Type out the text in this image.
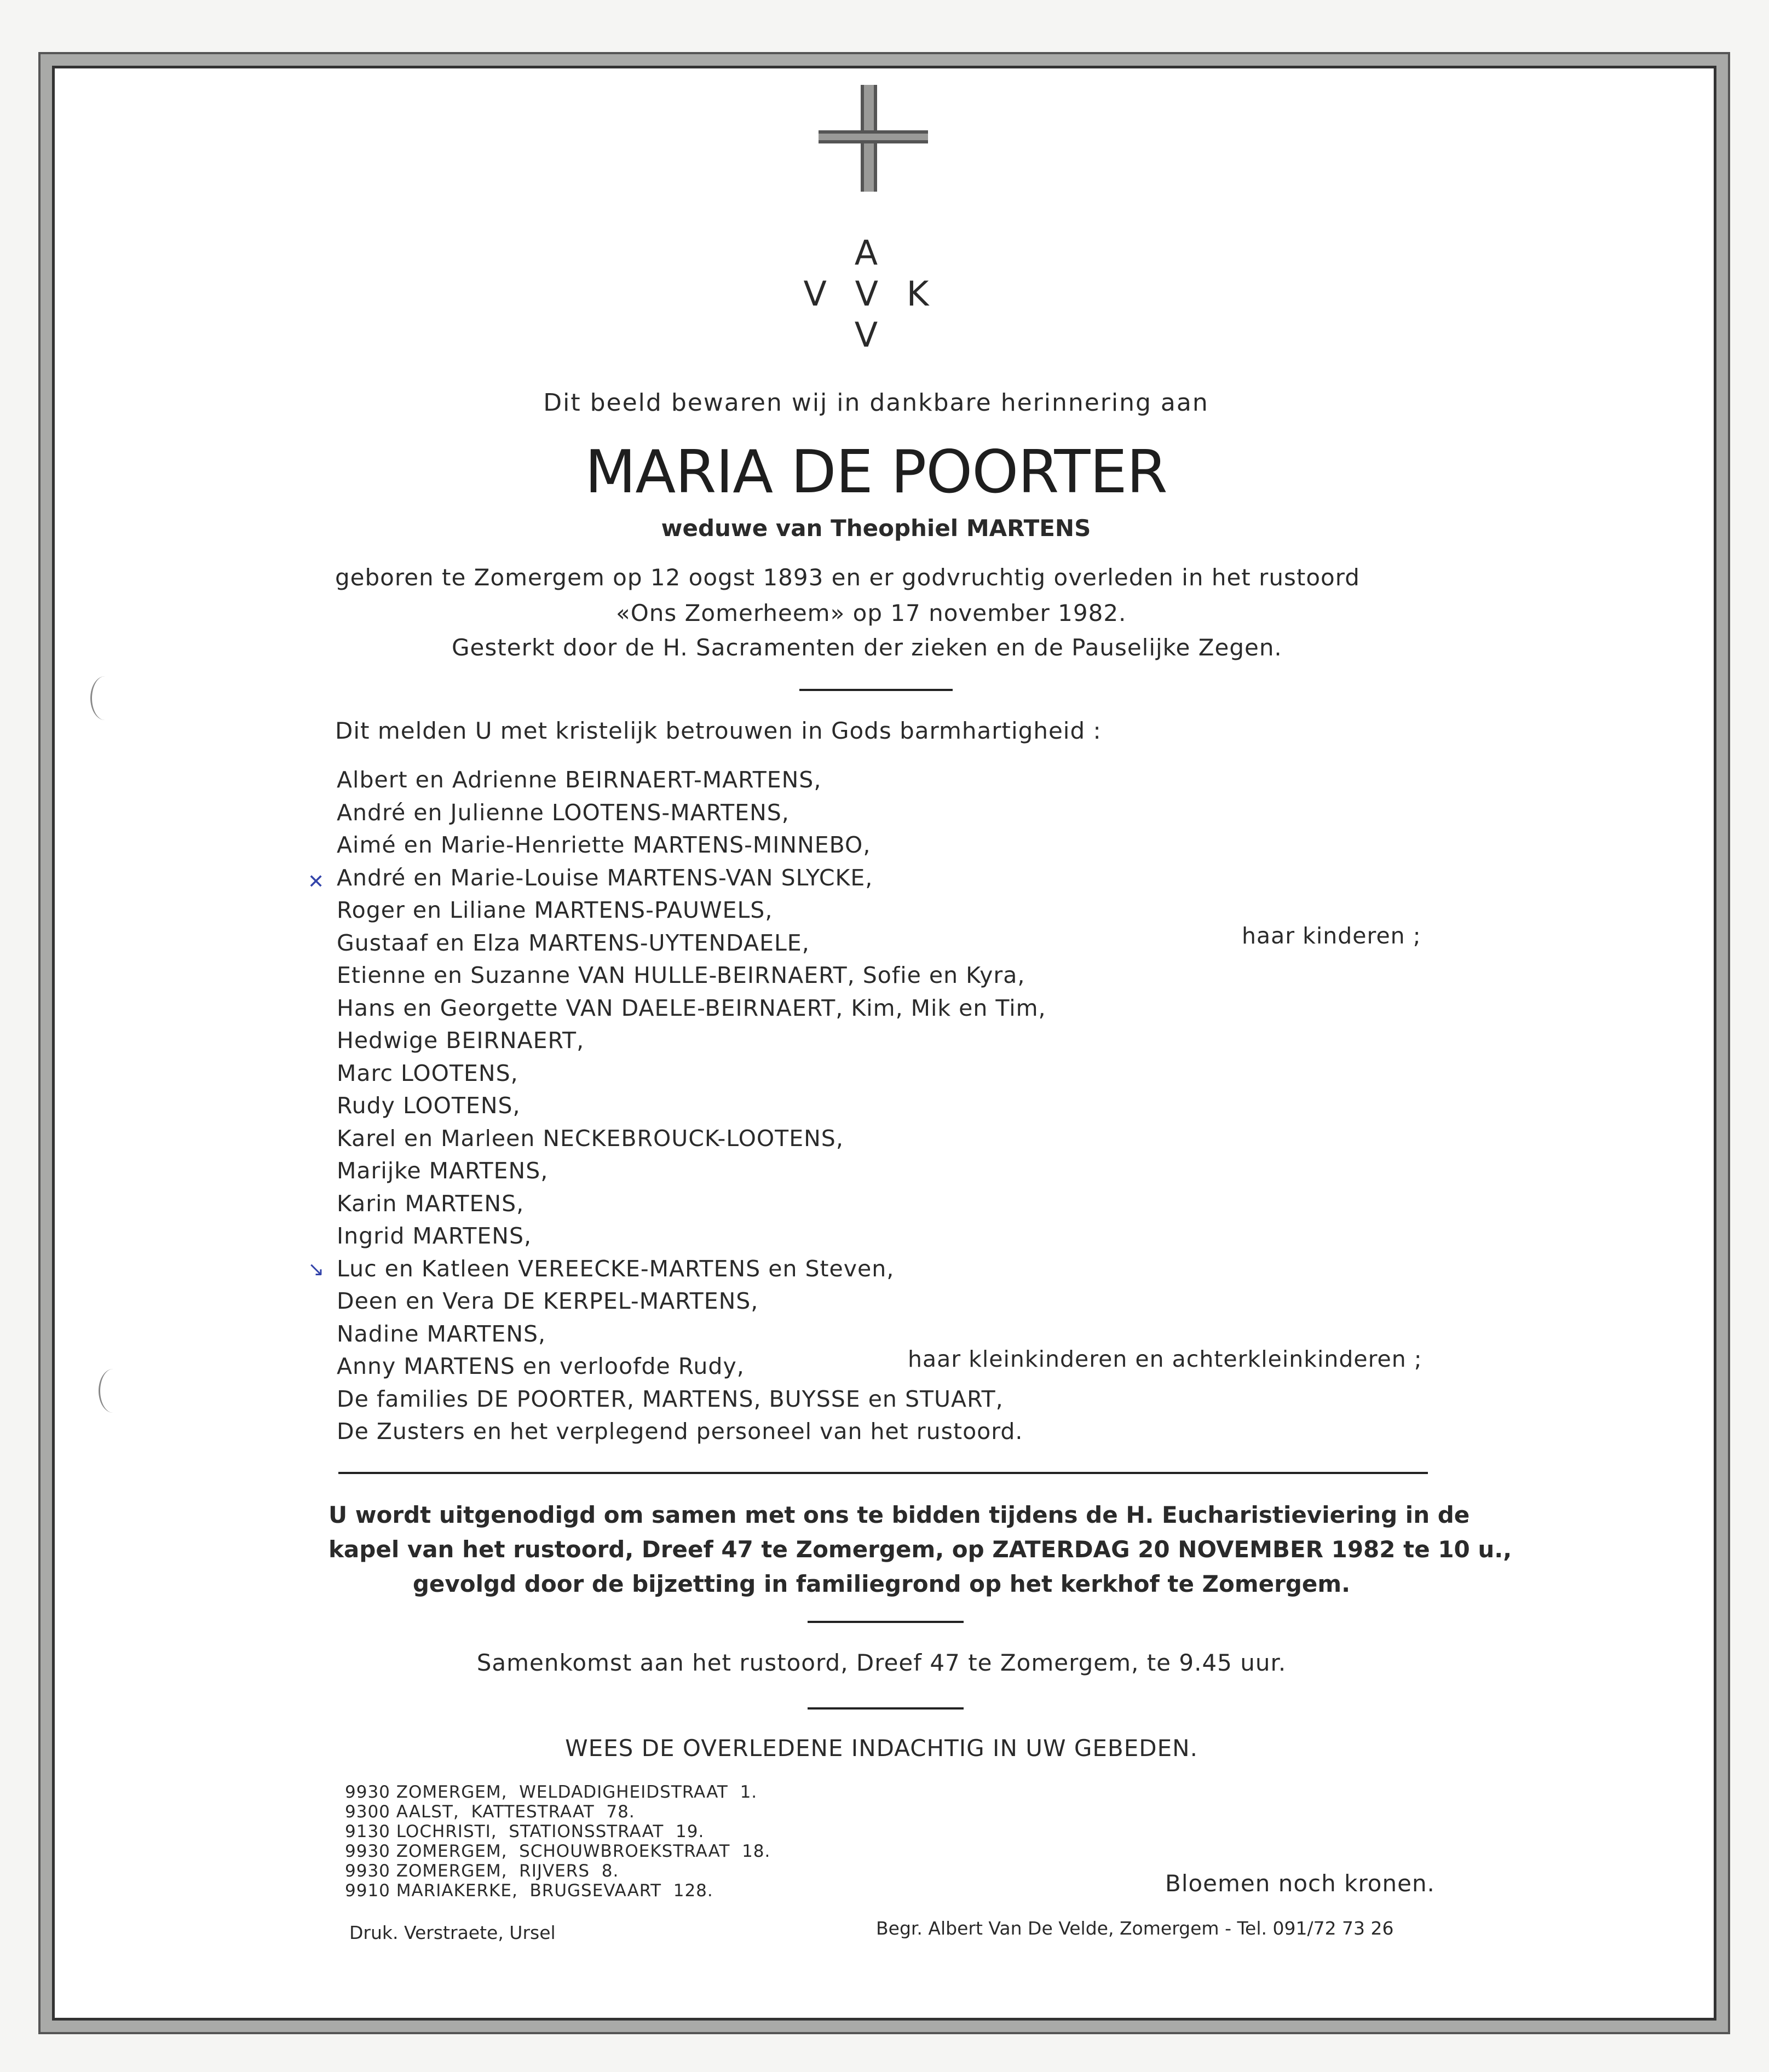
A
V V K
V
Dit beeld bewaren wij in dankbare herinnering aan
MARIA DE POORTER
weduwe van Theophiel MARTENS
geboren te Zomergem op 12 oogst 1893 en er godvruchtig overleden in het rustoord
«Ons Zomerheem» op 17 november 1982.
Gesterkt door de H. Sacramenten der zieken en de Pauselijke Zegen.
Dit melden U met kristelijk betrouwen in Gods barmhartigheid :
Albert en Adrienne BEIRNAERT-MARTENS,
André en Julienne LOOTENS-MARTENS,
Aimé en Marie-Henriette MARTENS-MINNEBO,
André en Marie-Louise MARTENS-VAN SLYCKE,
Roger en Liliane MARTENS-PAUWELS,
Gustaaf en Elza MARTENS-UYTENDAELE,
Etienne en Suzanne VAN HULLE-BEIRNAERT, Sofie en Kyra,
Hans en Georgette VAN DAELE-BEIRNAERT, Kim, Mik en Tim,
Hedwige BEIRNAERT,
Marc LOOTENS,
Rudy LOOTENS,
Karel en Marleen NECKEBROUCK-LOOTENS,
Marijke MARTENS,
Karin MARTENS,
Ingrid MARTENS,
Luc en Katleen VEREECKE-MARTENS en Steven,
Deen en Vera DE KERPEL-MARTENS,
Nadine MARTENS,
Anny MARTENS en verloofde Rudy,
De families DE POORTER, MARTENS, BUYSSE en STUART,
De Zusters en het verplegend personeel van het rustoord.
✕
↘
haar kinderen ;
haar kleinkinderen en achterkleinkinderen ;
U wordt uitgenodigd om samen met ons te bidden tijdens de H. Eucharistieviering in de
kapel van het rustoord, Dreef 47 te Zomergem, op ZATERDAG 20 NOVEMBER 1982 te 10 u.,
gevolgd door de bijzetting in familiegrond op het kerkhof te Zomergem.
Samenkomst aan het rustoord, Dreef 47 te Zomergem, te 9.45 uur.
WEES DE OVERLEDENE INDACHTIG IN UW GEBEDEN.
9930 ZOMERGEM,  WELDADIGHEIDSTRAAT  1.
9300 AALST,  KATTESTRAAT  78.
9130 LOCHRISTI,  STATIONSSTRAAT  19.
9930 ZOMERGEM,  SCHOUWBROEKSTRAAT  18.
9930 ZOMERGEM,  RIJVERS  8.
9910 MARIAKERKE,  BRUGSEVAART  128.	Bloemen noch kronen.
Druk. Verstraete, Ursel	Begr. Albert Van De Velde, Zomergem - Tel. 091/72 73 26
